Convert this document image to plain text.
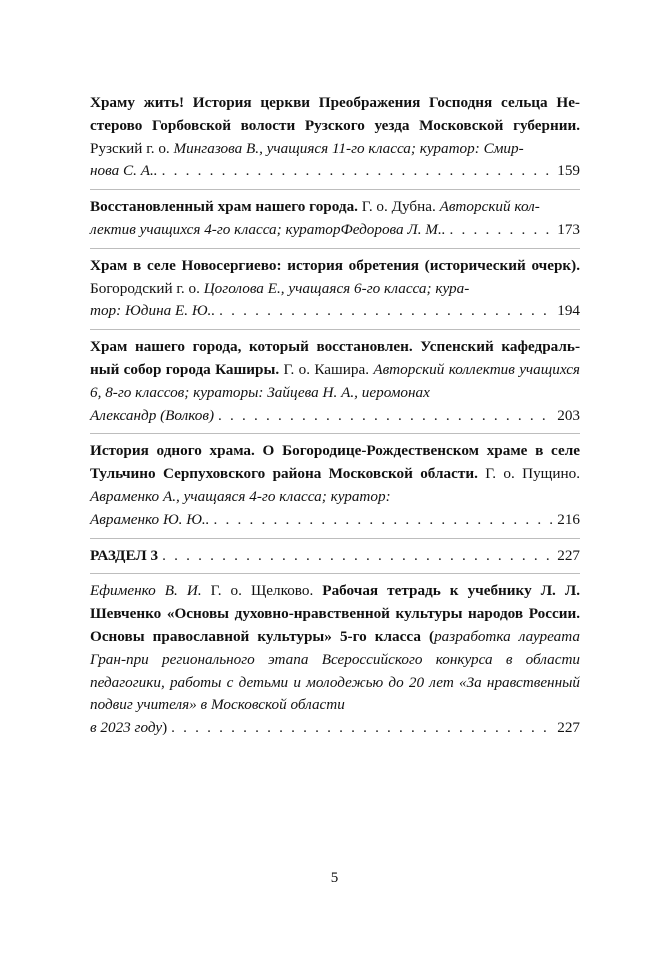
Храму жить! История церкви Преображения Господня сельца Не- стерово Горбовской волости Рузского уезда Московской губернии. Рузский г. о. Мингазова В., учащияся 11-го класса; куратор: Смир-
нова С. А.. . . .	159

Восстановленный храм нашего города. Г. о. Дубна. Авторский кол-
лектив учащихся 4-го класса; куратор Федорова Л. М.. . . .	173

Храм в селе Новосергиево: история обретения (исторический очерк). Богородский г. о. Цоголова Е., учащаяся 6-го класса; кура-
тор: Юдина Е. Ю.. . . .	194

Храм нашего города, который восстановлен. Успенский кафедраль- ный собор города Каширы. Г. о. Кашира. Авторский коллектив учащихся 6, 8-го классов; кураторы: Зайцева Н. А., иеромонах
Александр (Волков) . . .	203

История одного храма. О Богородице-Рождественском храме в селе Тульчино Серпуховского района Московской области. Г. о. Пущино. Авраменко А., учащаяся 4-го класса; куратор:
Авраменко Ю. Ю.. . . .	216

РАЗДЕЛ 3 . . .	227

Ефименко В. И. Г. о. Щелково. Рабочая тетрадь к учебнику Л. Л. Шевченко «Основы духовно-нравственной культуры народов России. Основы православной культуры» 5-го класса (разработка лауреата Гран-при регионального этапа Всероссийского конкурса в области педагогики, работы с детьми и молодежью до 20 лет «За нравственный подвиг учителя» в Московской области
в 2023 году ) . . .	227

5
